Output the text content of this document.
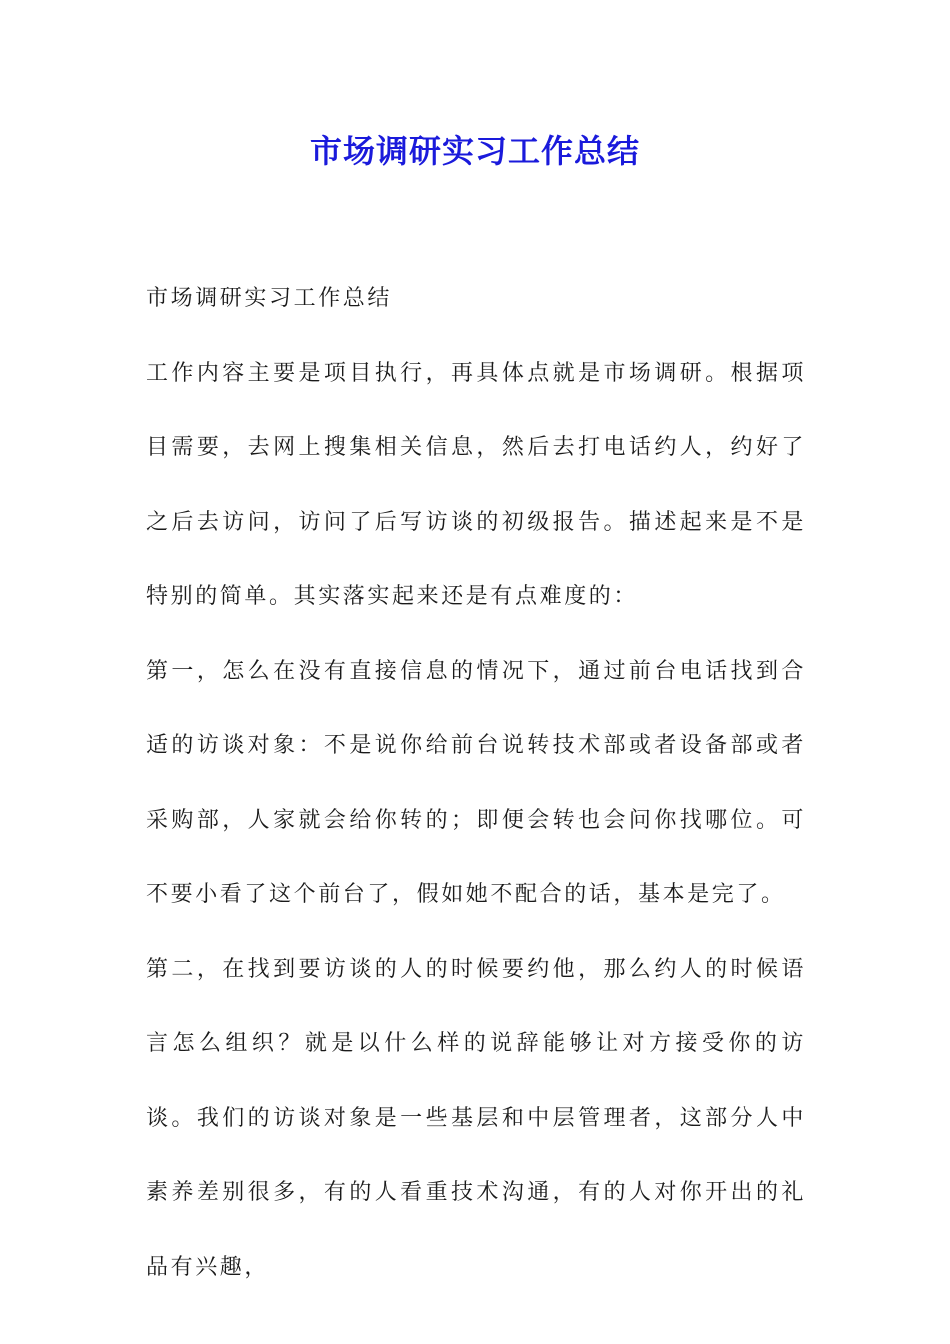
市场调研实习工作总结

市场调研实习工作总结

工作内容主要是项目执行，再具体点就是市场调研。根据项目需要，去网上搜集相关信息，然后去打电话约人，约好了之后去访问，访问了后写访谈的初级报告。描述起来是不是特别的简单。其实落实起来还是有点难度的：

第一，怎么在没有直接信息的情况下，通过前台电话找到合适的访谈对象：不是说你给前台说转技术部或者设备部或者采购部，人家就会给你转的；即便会转也会问你找哪位。可不要小看了这个前台了，假如她不配合的话，基本是完了。

第二，在找到要访谈的人的时候要约他，那么约人的时候语言怎么组织？就是以什么样的说辞能够让对方接受你的访谈。我们的访谈对象是一些基层和中层管理者，这部分人中素养差别很多，有的人看重技术沟通，有的人对你开出的礼品有兴趣，
